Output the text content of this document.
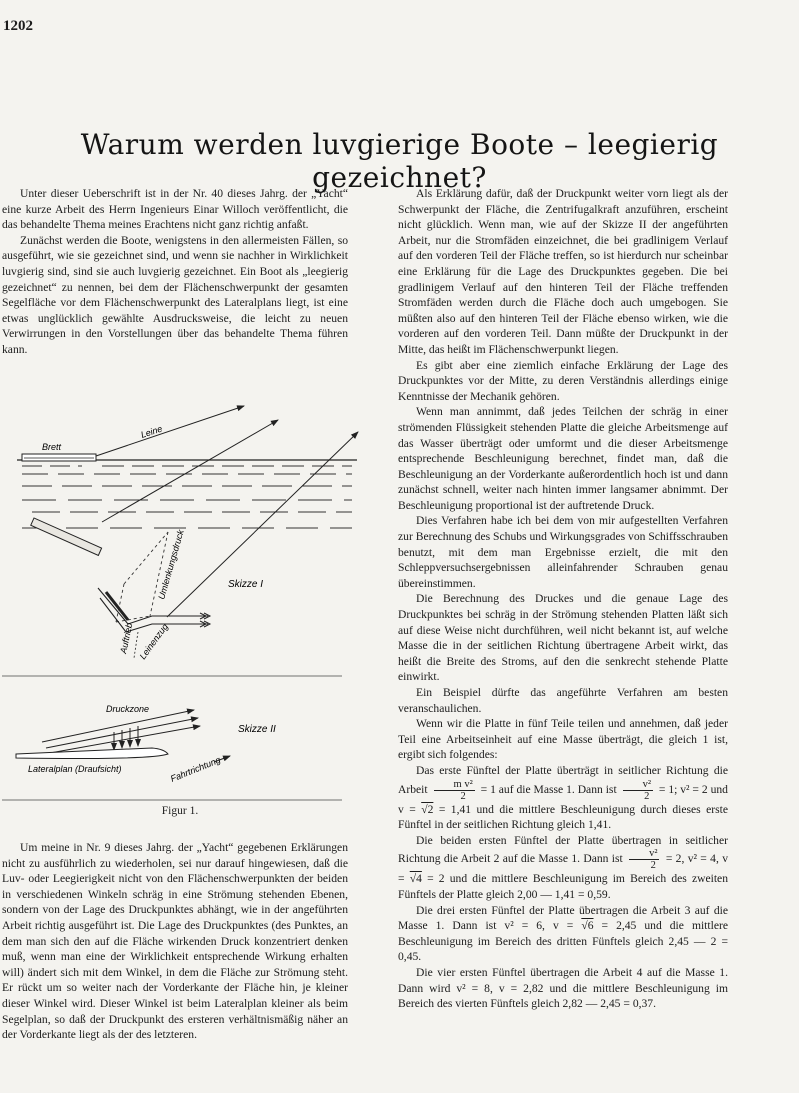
1202
Warum werden luvgierige Boote – leegierig gezeichnet?

Unter dieser Ueberschrift ist in der Nr. 40 dieses Jahrg. der „Yacht“ eine kurze Arbeit des Herrn Ingenieurs Einar Willoch veröffentlicht, die das behandelte Thema meines Erachtens nicht ganz richtig anfaßt.

Zunächst werden die Boote, wenigstens in den allermeisten Fällen, so ausgeführt, wie sie gezeichnet sind, und wenn sie nachher in Wirklichkeit luvgierig sind, sind sie auch luvgierig gezeichnet. Ein Boot als „leegierig gezeichnet“ zu nennen, bei dem der Flächenschwerpunkt der gesamten Segelfläche vor dem Flächenschwerpunkt des Lateralplans liegt, ist eine etwas unglücklich gewählte Ausdrucksweise, die leicht zu neuen Verwirrungen in den Vorstellungen über das behandelte Thema führen kann.

Brett
Leine
Umlenkungsdruck	Skizze I
Auftrieb Leinenzug
Druckzone
Skizze II
Lateralplan (Draufsicht)	Fahrtrichtung
Figur 1.

Um meine in Nr. 9 dieses Jahrg. der „Yacht“ gegebenen Erklärungen nicht zu ausführlich zu wiederholen, sei nur darauf hingewiesen, daß die Luv- oder Leegierigkeit nicht von den Flächenschwerpunkten der beiden in verschiedenen Winkeln schräg in eine Strömung stehenden Ebenen, sondern von der Lage des Druckpunktes abhängt, wie in der angeführten Arbeit richtig ausgeführt ist. Die Lage des Druckpunktes (des Punktes, an dem man sich den auf die Fläche wirkenden Druck konzentriert denken muß, wenn man eine der Wirklichkeit entsprechende Wirkung erhalten will) ändert sich mit dem Winkel, in dem die Fläche zur Strömung steht. Er rückt um so weiter nach der Vorderkante der Fläche hin, je kleiner dieser Winkel wird. Dieser Winkel ist beim Lateralplan kleiner als beim Segelplan, so daß der Druckpunkt des ersteren verhältnismäßig näher an der Vorderkante liegt als der des letzteren.

Als Erklärung dafür, daß der Druckpunkt weiter vorn liegt als der Schwerpunkt der Fläche, die Zentrifugalkraft anzuführen, erscheint nicht glücklich. Wenn man, wie auf der Skizze II der angeführten Arbeit, nur die Stromfäden einzeichnet, die bei gradlinigem Verlauf auf den vorderen Teil der Fläche treffen, so ist hierdurch nur scheinbar eine Erklärung für die Lage des Druckpunktes gegeben. Die bei gradlinigem Verlauf auf den hinteren Teil der Fläche treffenden Stromfäden werden durch die Fläche doch auch umgebogen. Sie müßten also auf den hinteren Teil der Fläche ebenso wirken, wie die vorderen auf den vorderen Teil. Dann müßte der Druckpunkt in der Mitte, das heißt im Flächenschwerpunkt liegen.

Es gibt aber eine ziemlich einfache Erklärung der Lage des Druckpunktes vor der Mitte, zu deren Verständnis allerdings einige Kenntnisse der Mechanik gehören.

Wenn man annimmt, daß jedes Teilchen der schräg in einer strömenden Flüssigkeit stehenden Platte die gleiche Arbeitsmenge auf das Wasser überträgt oder umformt und die dieser Arbeitsmenge entsprechende Beschleunigung berechnet, findet man, daß die Beschleunigung an der Vorderkante außerordentlich hoch ist und dann zunächst schnell, weiter nach hinten immer langsamer abnimmt. Der Beschleunigung proportional ist der auftretende Druck.

Dies Verfahren habe ich bei dem von mir aufgestellten Verfahren zur Berechnung des Schubs und Wirkungsgrades von Schiffsschrauben benutzt, mit dem man Ergebnisse erzielt, die mit den Schleppversuchsergebnissen alleinfahrender Schrauben genau übereinstimmen.

Die Berechnung des Druckes und die genaue Lage des Druckpunktes bei schräg in der Strömung stehenden Platten läßt sich auf diese Weise nicht durchführen, weil nicht bekannt ist, auf welche Masse die in der seitlichen Richtung übertragene Arbeit wirkt, das heißt die Breite des Stroms, auf den die senkrecht stehende Platte einwirkt.

Ein Beispiel dürfte das angeführte Verfahren am besten veranschaulichen.

Wenn wir die Platte in fünf Teile teilen und annehmen, daß jeder Teil eine Arbeitseinheit auf eine Masse überträgt, die gleich 1 ist, ergibt sich folgendes:

Das erste Fünftel der Platte überträgt in seitlicher Richtung die Arbeit $\frac{\text{m v²}}{2} = 1$ auf die Masse 1. Dann ist $\frac{\text{v²}}{2} = 1$; v² = 2 und v = √2 = 1,41 und die mittlere Beschleunigung durch dieses erste Fünftel in der seitlichen Richtung gleich 1,41.

Die beiden ersten Fünftel der Platte übertragen in seitlicher Richtung die Arbeit 2 auf die Masse 1. Dann ist $\frac{\text{v²}}{2} = 2$, v² = 4, v = √4 = 2 und die mittlere Beschleunigung im Bereich des zweiten Fünftels der Platte gleich 2,00 — 1,41 = 0,59.

Die drei ersten Fünftel der Platte übertragen die Arbeit 3 auf die Masse 1. Dann ist v² = 6, v = √6 = 2,45 und die mittlere Beschleunigung im Bereich des dritten Fünftels gleich 2,45 — 2 = 0,45.

Die vier ersten Fünftel übertragen die Arbeit 4 auf die Masse 1. Dann wird v² = 8, v = 2,82 und die mittlere Beschleunigung im Bereich des vierten Fünftels gleich 2,82 — 2,45 = 0,37.
